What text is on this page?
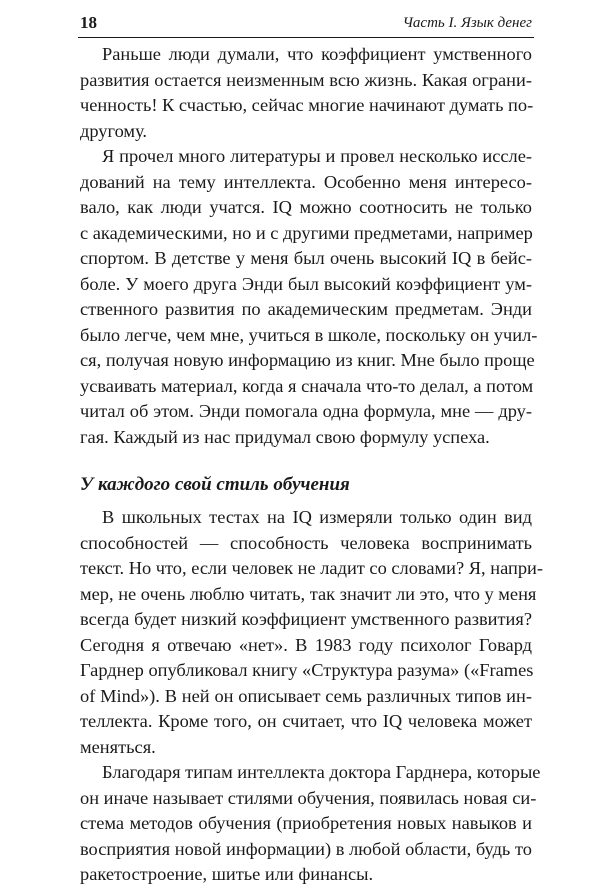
18	Часть I. Язык денег

Раньше люди думали, что коэффициент умственного
развития остается неизменным всю жизнь. Какая ограни-
ченность! К счастью, сейчас многие начинают думать по-
другому.

Я прочел много литературы и провел несколько иссле-
дований на тему интеллекта. Особенно меня интересо-
вало, как люди учатся. IQ можно соотносить не только
с академическими, но и с другими предметами, например
спортом. В детстве у меня был очень высокий IQ в бейс-
боле. У моего друга Энди был высокий коэффициент ум-
ственного развития по академическим предметам. Энди
было легче, чем мне, учиться в школе, поскольку он учил-
ся, получая новую информацию из книг. Мне было проще
усваивать материал, когда я сначала что-то делал, а потом
читал об этом. Энди помогала одна формула, мне — дру-
гая. Каждый из нас придумал свою формулу успеха.

У каждого свой стиль обучения

В школьных тестах на IQ измеряли только один вид
способностей — способность человека воспринимать
текст. Но что, если человек не ладит со словами? Я, напри-
мер, не очень люблю читать, так значит ли это, что у меня
всегда будет низкий коэффициент умственного развития?
Сегодня я отвечаю «нет». В 1983 году психолог Говард
Гарднер опубликовал книгу «Структура разума» («Frames
of Mind»). В ней он описывает семь различных типов ин-
теллекта. Кроме того, он считает, что IQ человека может
меняться.

Благодаря типам интеллекта доктора Гарднера, которые
он иначе называет стилями обучения, появилась новая си-
стема методов обучения (приобретения новых навыков и
восприятия новой информации) в любой области, будь то
ракетостроение, шитье или финансы.
